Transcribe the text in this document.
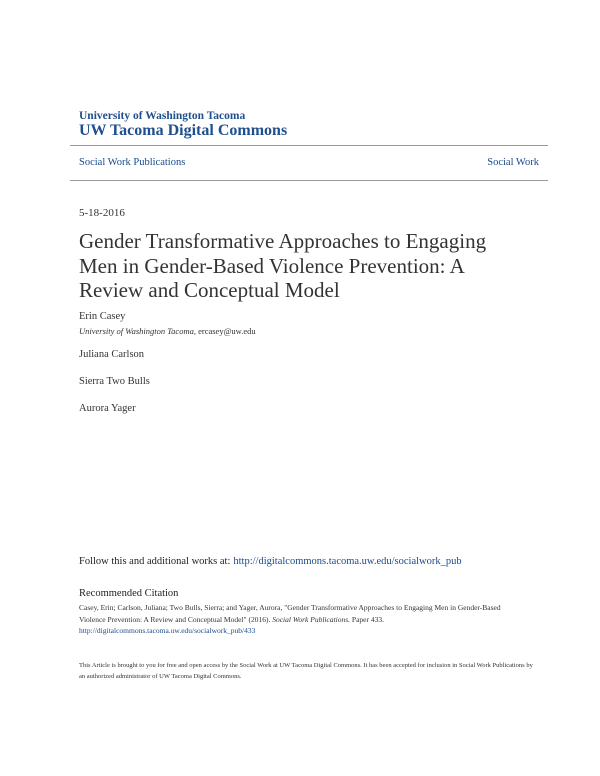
University of Washington Tacoma
UW Tacoma Digital Commons
Social Work Publications	Social Work
5-18-2016
Gender Transformative Approaches to Engaging Men in Gender-Based Violence Prevention: A Review and Conceptual Model
Erin Casey
University of Washington Tacoma, ercasey@uw.edu
Juliana Carlson
Sierra Two Bulls
Aurora Yager
Follow this and additional works at: http://digitalcommons.tacoma.uw.edu/socialwork_pub
Recommended Citation
Casey, Erin; Carlson, Juliana; Two Bulls, Sierra; and Yager, Aurora, "Gender Transformative Approaches to Engaging Men in Gender-Based Violence Prevention: A Review and Conceptual Model" (2016). Social Work Publications. Paper 433.
http://digitalcommons.tacoma.uw.edu/socialwork_pub/433
This Article is brought to you for free and open access by the Social Work at UW Tacoma Digital Commons. It has been accepted for inclusion in Social Work Publications by an authorized administrator of UW Tacoma Digital Commons.
